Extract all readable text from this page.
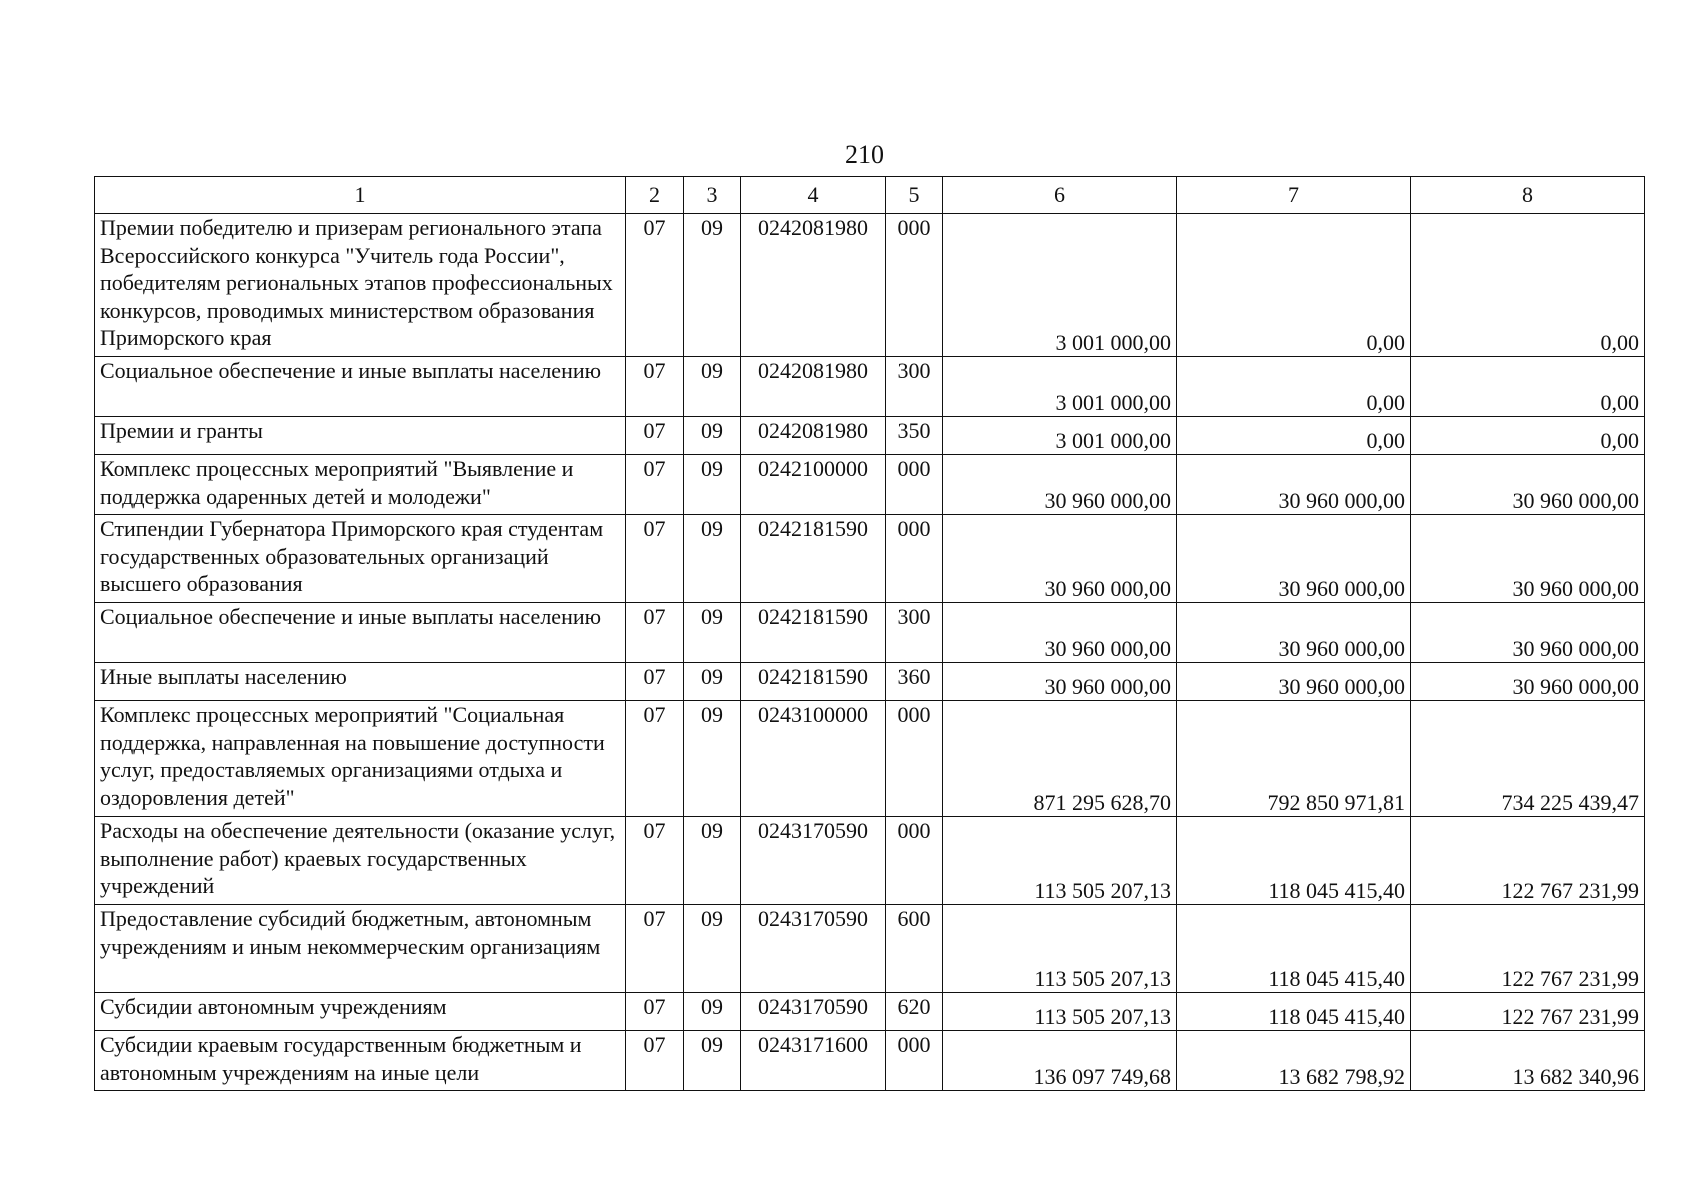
210
1	2	3	4	5	6	7	8
Премии победителю и призерам регионального этапа Всероссийского конкурса "Учитель года России", победителям региональных этапов профессиональных конкурсов, проводимых министерством образования Приморского края	07	09	0242081980	000	3 001 000,00	0,00	0,00
Социальное обеспечение и иные выплаты населению	07	09	0242081980	300	3 001 000,00	0,00	0,00
Премии и гранты	07	09	0242081980	350	3 001 000,00	0,00	0,00
Комплекс процессных мероприятий "Выявление и поддержка одаренных детей и молодежи"	07	09	0242100000	000	30 960 000,00	30 960 000,00	30 960 000,00
Стипендии Губернатора Приморского края студентам государственных образовательных организаций высшего образования	07	09	0242181590	000	30 960 000,00	30 960 000,00	30 960 000,00
Социальное обеспечение и иные выплаты населению	07	09	0242181590	300	30 960 000,00	30 960 000,00	30 960 000,00
Иные выплаты населению	07	09	0242181590	360	30 960 000,00	30 960 000,00	30 960 000,00
Комплекс процессных мероприятий "Социальная поддержка, направленная на повышение доступности услуг, предоставляемых организациями отдыха и оздоровления детей"	07	09	0243100000	000	871 295 628,70	792 850 971,81	734 225 439,47
Расходы на обеспечение деятельности (оказание услуг, выполнение работ) краевых государственных учреждений	07	09	0243170590	000	113 505 207,13	118 045 415,40	122 767 231,99
Предоставление субсидий бюджетным, автономным учреждениям и иным некоммерческим организациям	07	09	0243170590	600	113 505 207,13	118 045 415,40	122 767 231,99
Субсидии автономным учреждениям	07	09	0243170590	620	113 505 207,13	118 045 415,40	122 767 231,99
Субсидии краевым государственным бюджетным и автономным учреждениям на иные цели	07	09	0243171600	000	136 097 749,68	13 682 798,92	13 682 340,96
